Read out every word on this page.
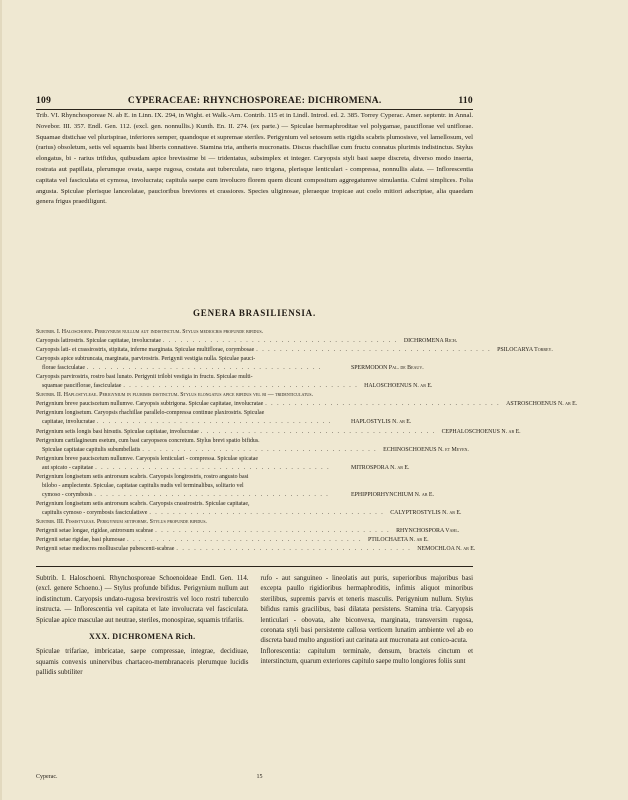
109	CYPERACEAE: RHYNCHOSPOREAE: DICHROMENA.	110

Trib. VI. Rhynchosporeae N. ab E. in Linn. IX. 294, in Wight. et Walk.-Arn. Contrib. 115 et in Lindl. Introd. ed. 2. 385. Torrey Cyperac. Amer. septentr. in Annal. Novebor. III. 357. Endl. Gen. 112. (excl. gen. nonnullis.) Kunth. En. II. 274. (ex parte.) — Spiculae hermaphroditae vel polygamae, pauciflorae vel uniflorae. Squamae distichae vel plurispirae, inferiores semper, quandoque et supremae steriles. Perigynium vel setosum setis rigidis scabris plumosisve, vel lamellosum, vel (rarius) obsoletum, setis vel squamis basi liberis connatisve. Stamina tria, antheris mucronatis. Discus rhachillae cum fructu connatus plurimis indistinctus. Stylus elongatus, bi - rarius trifidus, quibusdam apice brevissime bi — tridentatus, subsimplex et integer. Caryopsis styli basi saepe discreta, diverso modo inserta, rostrata aut papillata, plerumque ovata, saepe rugosa, costata aut tuberculata, raro trigona, plerisque lenticulari - compressa, nonnullis alata. — Inflorescentia capitata vel fasciculata et cymosa, involucrata; capitula saepe cum involucro florem quem dicunt compositum aggregatumve simulantia. Culmi simplices. Folia angusta. Spiculae plerisque lanceolatae, paucioribus breviores et crassiores. Species uliginosae, pleraeque tropicae aut coelo mitiori adscriptae, alia quaedam genera frigus praediligunt.

GENERA BRASILIENSIA.
Subtrib. I. Haloschoeni. Perigynium nullum aut indistinctum. Stylus mediocris profunde bifidus.
Caryopsis latirostris. Spiculae capitatae, involucratae . . . . . . . . . . . . . . . . . . . . . . . . . . . . . . . . . . . . . . . .	DICHROMENA Rich.
Caryopsis lati- et crassirostris, stipitata, inferne marginata. Spiculae multiflorae, corymbosae . . . . . . . . . . . . . . . . . . . . . . . . . . . . . . . . . . . . . . . .	PSILOCARYA Torrey.
Caryopsis apice subtruncata, marginata, parvirostris. Perigynii vestigia nulla. Spiculae pauci-
florae fasciculatae . . . . . . . . . . . . . . . . . . . . . . . . . . . . . . . . . . . . . . . .	SPERMODON Pal. de Beauv.
Caryopsis parvirostris, rostro basi lunato. Perigynii trilobi vestigia in fructu. Spiculae multi-
squamae pauciflorae, fasciculatae . . . . . . . . . . . . . . . . . . . . . . . . . . . . . . . . . . . . . . . .	HALOSCHOENUS N. ab E.
Subtrib. II. Haplostyleae. Perigynium in plurimis distinctum. Stylus elongatus apice bifidus vel bi — tridenticulatus.
Perigynium breve pauciscetum nullumve. Caryopsis subtrigona. Spiculae capitatae, involucratae . . . . . . . . . . . . . . . . . . . . . . . . . . . . . . . . . . . . . . . .	ASTROSCHOENUS N. ab E.
Perigynium longisetum. Caryopsis rhachillae parallelo-compressa continue plaxirostris. Spiculae
capitatae, involucratae . . . . . . . . . . . . . . . . . . . . . . . . . . . . . . . . . . . . . . . .	HAPLOSTYLIS N. ab E.
Perigynium setis longis basi hirsutis. Spiculae capitatae, involucratae . . . . . . . . . . . . . . . . . . . . . . . . . . . . . . . . . . . . . . . .	CEPHALOSCHOENUS N. ab E.
Perigynium cartilagineum esetum, cum basi caryopseos concretum. Stylus brevi spatio bifidus.
Spiculae capitatae capitulis subumbellatis . . . . . . . . . . . . . . . . . . . . . . . . . . . . . . . . . . . . . . . .	ECHINOSCHOENUS N. et Meyen.
Perigynium breve pauciscetum nullumve. Caryopsis lenticulari - compressa. Spiculae spicatae
aut spicato - capitatae . . . . . . . . . . . . . . . . . . . . . . . . . . . . . . . . . . . . . . . .	MITROSPORA N. ab E.
Perigynium longisetum setis antrorsum scabris. Caryopsis longirostris, rostro angusto basi
bilobo - amplectente. Spiculae, capitatae capitulis nudis vel terminalibus, solitario vel
cymoso - corymbosis . . . . . . . . . . . . . . . . . . . . . . . . . . . . . . . . . . . . . . . .	EPHIPPIORHYNCHIUM N. ab E.
Perigynium longisetum setis antrorsum scabris. Caryopsis crassirostris. Spiculae capitatae,
capitulis cymoso - corymbosis fasciculatisve . . . . . . . . . . . . . . . . . . . . . . . . . . . . . . . . . . . . . . . .	CALYPTROSTYLIS N. ab E.
Subtrib. III. Fissistyleae. Perigynium setiforme. Stylus profunde bifidus.
Perigynii setae longae, rigidae, antrorsum scabrae . . . . . . . . . . . . . . . . . . . . . . . . . . . . . . . . . . . . . . . .	RHYNCHOSPORA Vahl.
Perigynii setae rigidae, basi plumosae . . . . . . . . . . . . . . . . . . . . . . . . . . . . . . . . . . . . . . . .	PTILOCHAETA N. ab E.
Perigynii setae mediocres molliusculae pubescenti-scabrae . . . . . . . . . . . . . . . . . . . . . . . . . . . . . . . . . . . . . . . .	NEMOCHLOA N. ab E.

Subtrib. I. Haloschoeni. Rhynchosporeae Schoenoideae Endl. Gen. 114. (excl. genere Schoeno.) — Stylus profunde bifidus. Perigynium nullum aut indistinctum. Caryopsis undato-rugosa brevirostris vel loco rostri tuberculo instructa. — Inflorescentia vel capitata et late involucrata vel fasciculata. Spiculae apice masculae aut neutrae, steriles, monospirae, squamis trifariis.

XXX. DICHROMENA Rich.

Spiculae trifariae, imbricatae, saepe compressae, integrae, decidiuae, squamis convexis uninervibus chartaceo-membranaceis plerumque lucidis pallidis subtiliter

rufo - aut sanguineo - lineolatis aut puris, superioribus majoribus basi excepta paullo rigidioribus hermaphroditis, infimis aliquot minoribus sterilibus, supremis parvis et teneris masculis. Perigynium nullum. Stylus bifidus ramis gracilibus, basi dilatata persistens. Stamina tria. Caryopsis lenticulari - obovata, alte biconvexa, marginata, transversim rugosa, coronata styli basi persistente callosa verticem lunatim ambiente vel ab eo discreta baud multo angustiori aut carinata aut mucronata aut conico-acuta.

Inflorescentia: capitulum terminale, densum, bracteis cinctum et interstinctum, quarum exteriores capitulo saepe multo longiores foliis sunt

Cyperac.	15
